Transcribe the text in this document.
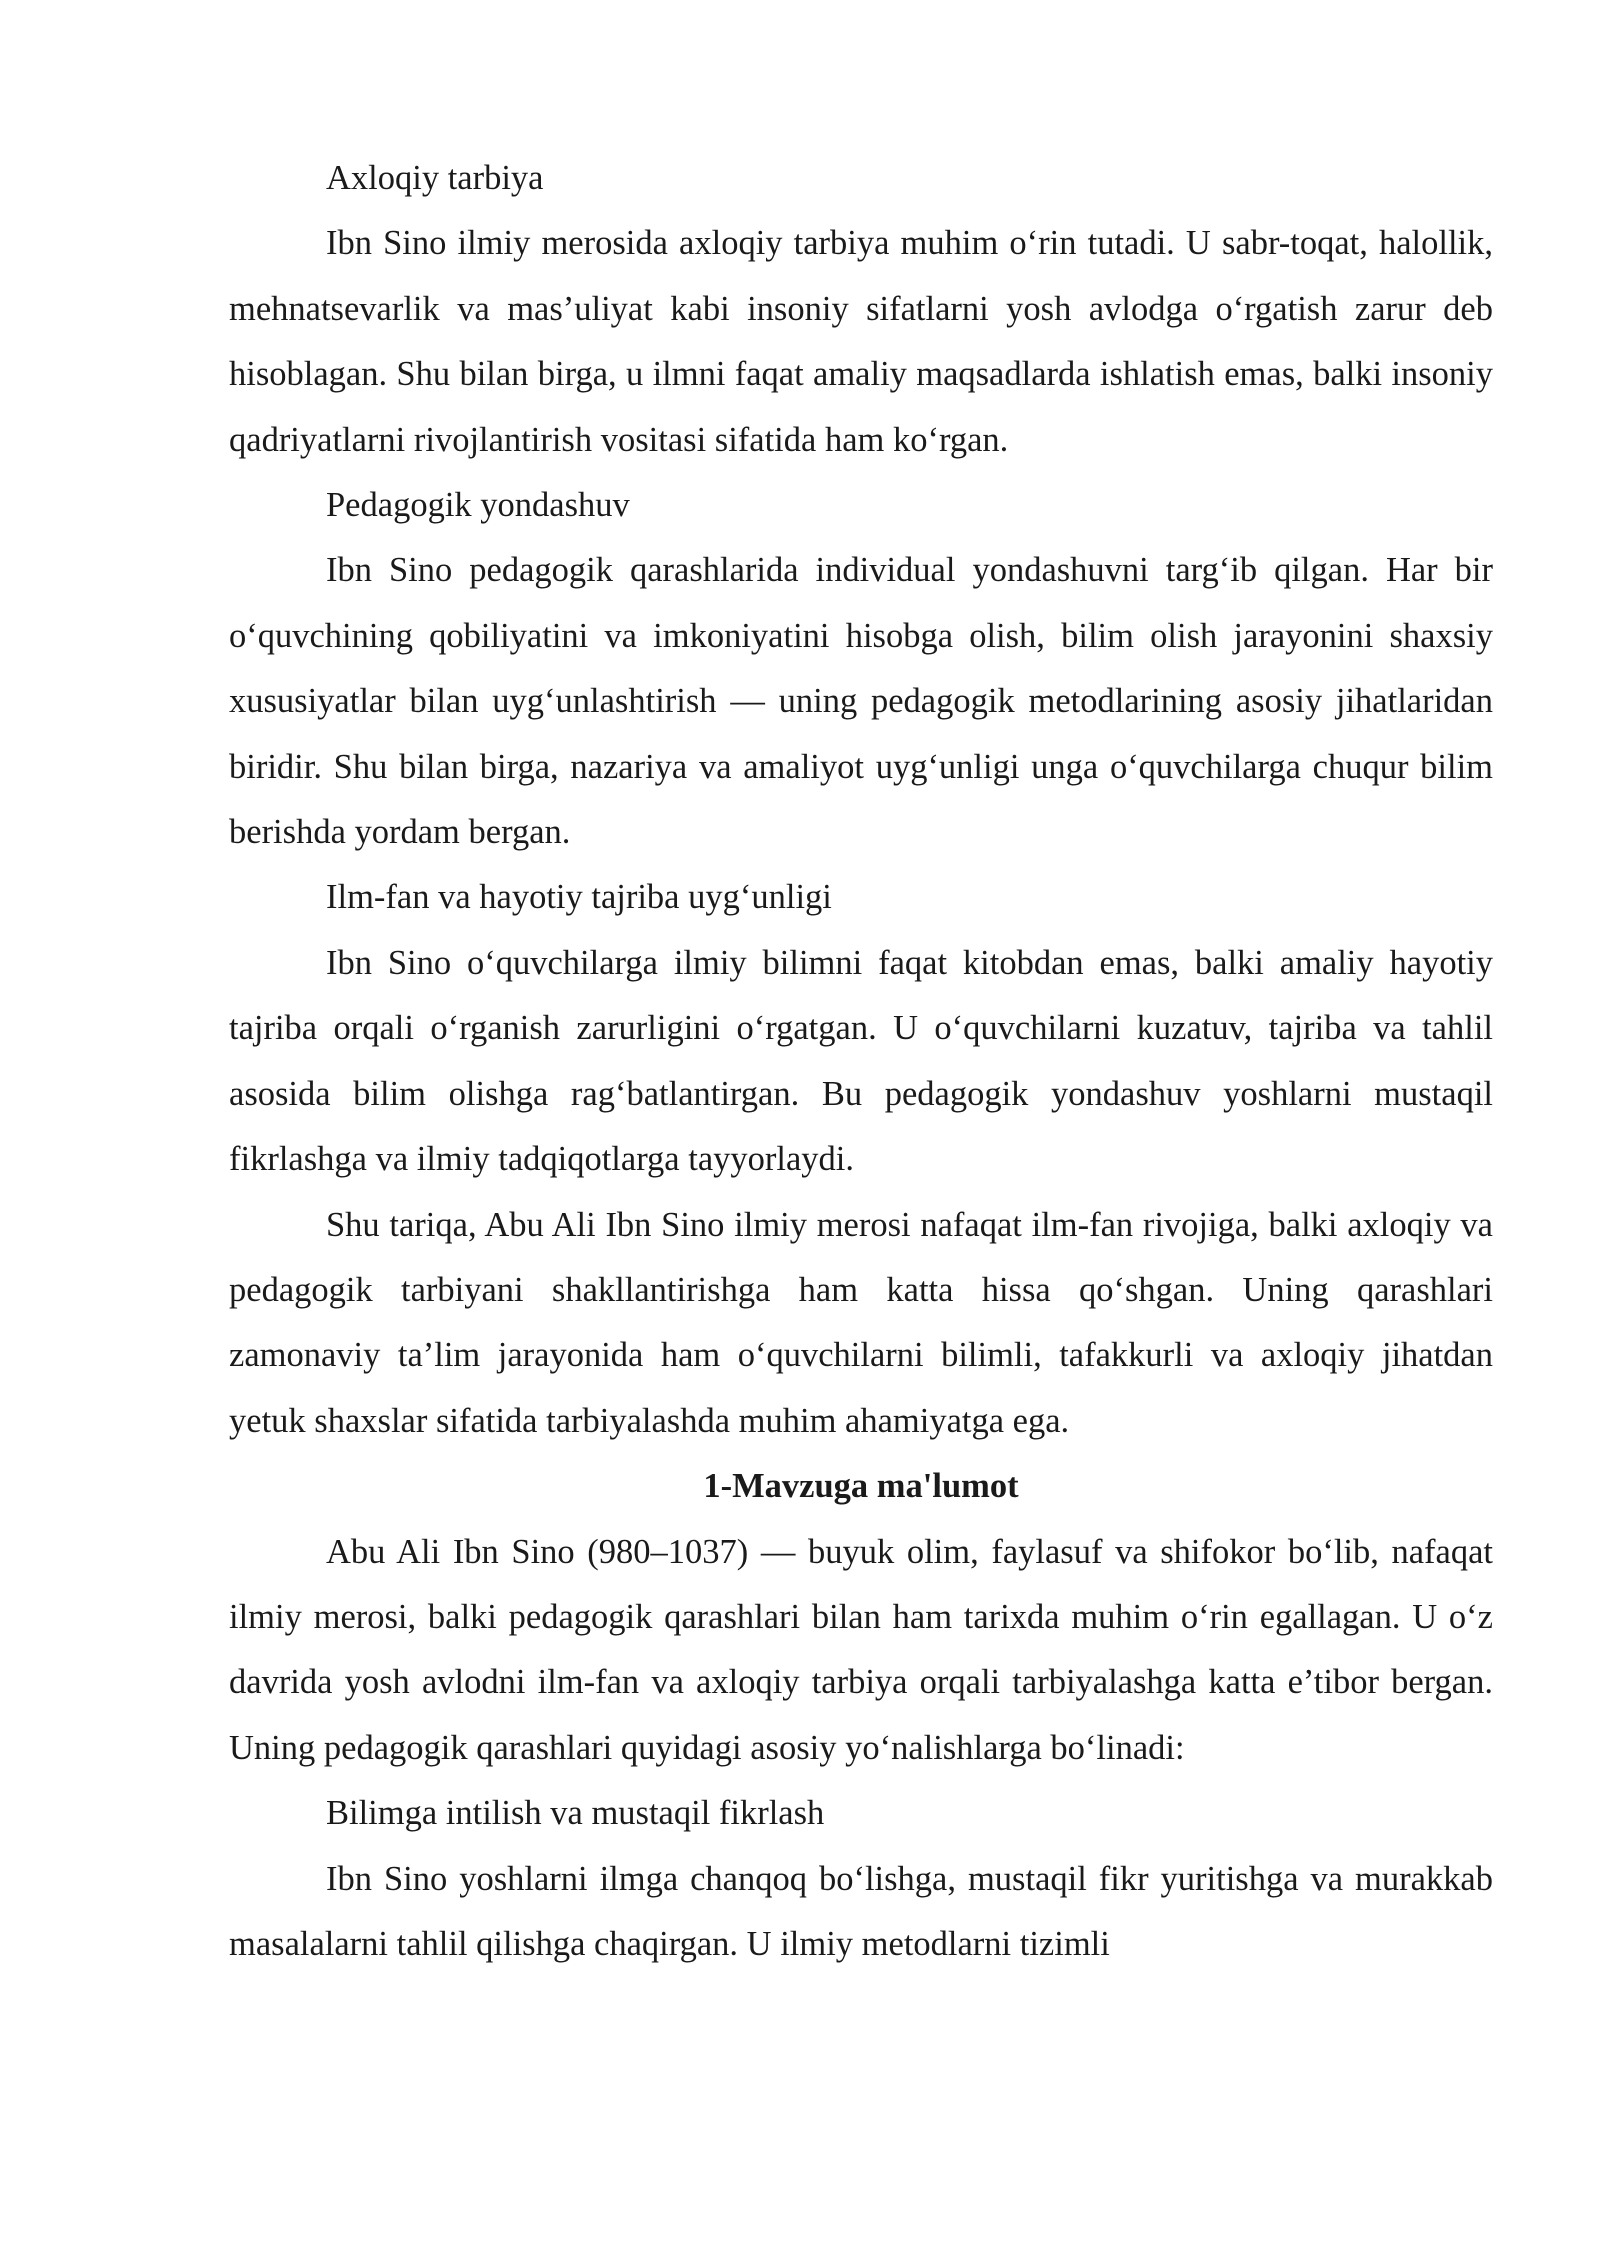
Axloqiy tarbiya

Ibn Sino ilmiy merosida axloqiy tarbiya muhim o‘rin tutadi. U sabr-toqat, halollik, mehnatsevarlik va mas’uliyat kabi insoniy sifatlarni yosh avlodga o‘rgatish zarur deb hisoblagan. Shu bilan birga, u ilmni faqat amaliy maqsadlarda ishlatish emas, balki insoniy qadriyatlarni rivojlantirish vositasi sifatida ham ko‘rgan.

Pedagogik yondashuv

Ibn Sino pedagogik qarashlarida individual yondashuvni targ‘ib qilgan. Har bir o‘quvchining qobiliyatini va imkoniyatini hisobga olish, bilim olish jarayonini shaxsiy xususiyatlar bilan uyg‘unlashtirish — uning pedagogik metodlarining asosiy jihatlaridan biridir. Shu bilan birga, nazariya va amaliyot uyg‘unligi unga o‘quvchilarga chuqur bilim berishda yordam bergan.

Ilm-fan va hayotiy tajriba uyg‘unligi

Ibn Sino o‘quvchilarga ilmiy bilimni faqat kitobdan emas, balki amaliy hayotiy tajriba orqali o‘rganish zarurligini o‘rgatgan. U o‘quvchilarni kuzatuv, tajriba va tahlil asosida bilim olishga rag‘batlantirgan. Bu pedagogik yondashuv yoshlarni mustaqil fikrlashga va ilmiy tadqiqotlarga tayyorlaydi.

Shu tariqa, Abu Ali Ibn Sino ilmiy merosi nafaqat ilm-fan rivojiga, balki axloqiy va pedagogik tarbiyani shakllantirishga ham katta hissa qo‘shgan. Uning qarashlari zamonaviy ta’lim jarayonida ham o‘quvchilarni bilimli, tafakkurli va axloqiy jihatdan yetuk shaxslar sifatida tarbiyalashda muhim ahamiyatga ega.

1-Mavzuga ma'lumot

Abu Ali Ibn Sino (980–1037) — buyuk olim, faylasuf va shifokor bo‘lib, nafaqat ilmiy merosi, balki pedagogik qarashlari bilan ham tarixda muhim o‘rin egallagan. U o‘z davrida yosh avlodni ilm-fan va axloqiy tarbiya orqali tarbiyalashga katta e’tibor bergan. Uning pedagogik qarashlari quyidagi asosiy yo‘nalishlarga bo‘linadi:

Bilimga intilish va mustaqil fikrlash

Ibn Sino yoshlarni ilmga chanqoq bo‘lishga, mustaqil fikr yuritishga va murakkab masalalarni tahlil qilishga chaqirgan. U ilmiy metodlarni tizimli
